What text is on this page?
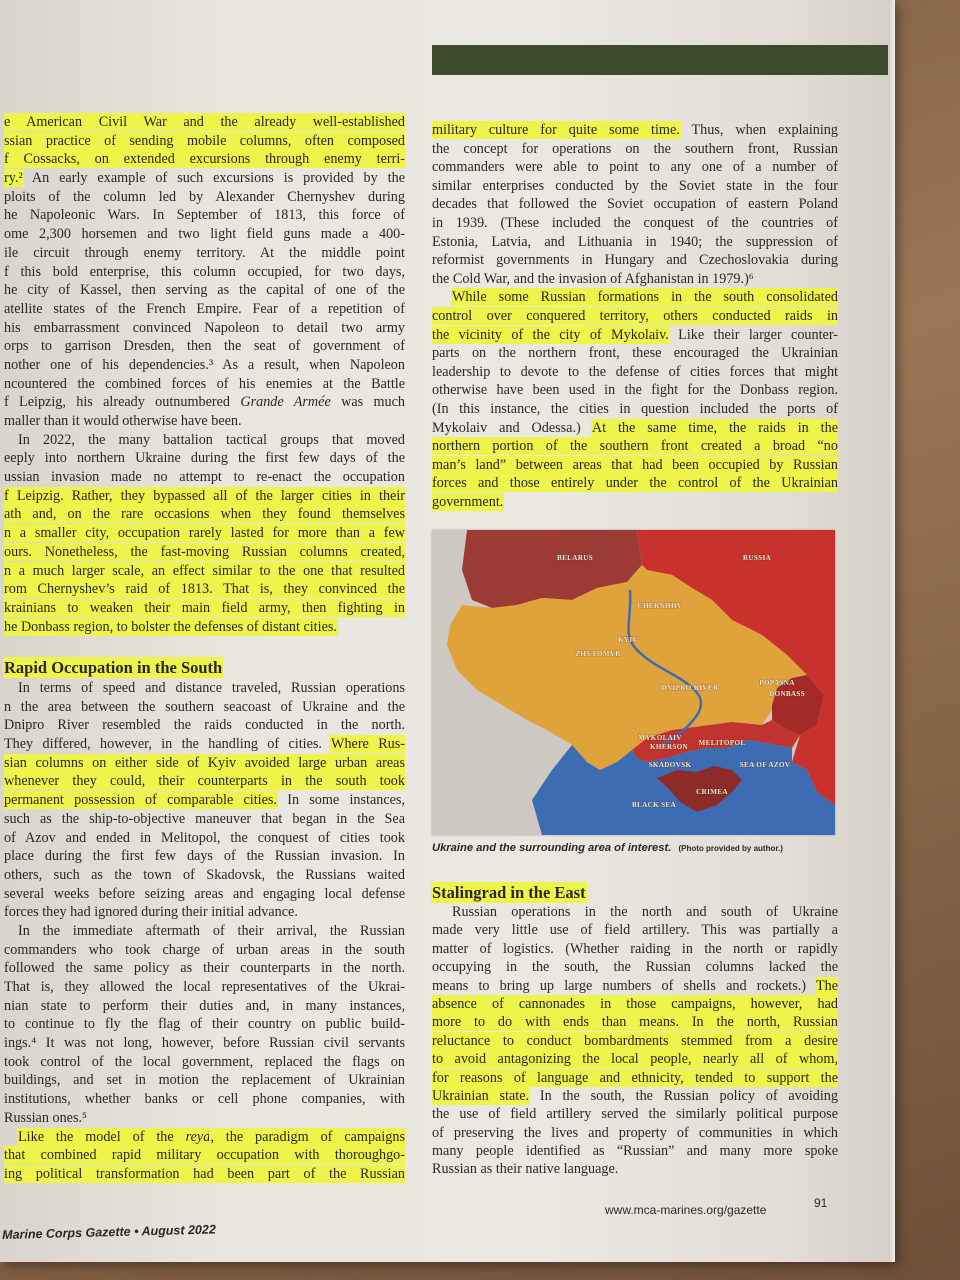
e American Civil War and the already well-established
ssian practice of sending mobile columns, often composed
f Cossacks, on extended excursions through enemy terri-
ry.² An early example of such excursions is provided by the
ploits of the column led by Alexander Chernyshev during
he Napoleonic Wars. In September of 1813, this force of
ome 2,300 horsemen and two light field guns made a 400-
ile circuit through enemy territory. At the middle point
f this bold enterprise, this column occupied, for two days,
he city of Kassel, then serving as the capital of one of the
atellite states of the French Empire. Fear of a repetition of
his embarrassment convinced Napoleon to detail two army
orps to garrison Dresden, then the seat of government of
nother one of his dependencies.³ As a result, when Napoleon
ncountered the combined forces of his enemies at the Battle
f Leipzig, his already outnumbered Grande Armée was much
maller than it would otherwise have been.
In 2022, the many battalion tactical groups that moved
eeply into northern Ukraine during the first few days of the
ussian invasion made no attempt to re-enact the occupation
f Leipzig. Rather, they bypassed all of the larger cities in their
ath and, on the rare occasions when they found themselves
n a smaller city, occupation rarely lasted for more than a few
ours. Nonetheless, the fast-moving Russian columns created,
n a much larger scale, an effect similar to the one that resulted
rom Chernyshev’s raid of 1813. That is, they convinced the
krainians to weaken their main field army, then fighting in
he Donbass region, to bolster the defenses of distant cities.
Rapid Occupation in the South
In terms of speed and distance traveled, Russian operations
n the area between the southern seacoast of Ukraine and the
Dnipro River resembled the raids conducted in the north.
They differed, however, in the handling of cities. Where Rus-
sian columns on either side of Kyiv avoided large urban areas
whenever they could, their counterparts in the south took
permanent possession of comparable cities. In some instances,
such as the ship-to-objective maneuver that began in the Sea
of Azov and ended in Melitopol, the conquest of cities took
place during the first few days of the Russian invasion. In
others, such as the town of Skadovsk, the Russians waited
several weeks before seizing areas and engaging local defense
forces they had ignored during their initial advance.
In the immediate aftermath of their arrival, the Russian
commanders who took charge of urban areas in the south
followed the same policy as their counterparts in the north.
That is, they allowed the local representatives of the Ukrai-
nian state to perform their duties and, in many instances,
to continue to fly the flag of their country on public build-
ings.⁴ It was not long, however, before Russian civil servants
took control of the local government, replaced the flags on
buildings, and set in motion the replacement of Ukrainian
institutions, whether banks or cell phone companies, with
Russian ones.⁵
Like the model of the reyd, the paradigm of campaigns
that combined rapid military occupation with thoroughgo-
ing political transformation had been part of the Russian
military culture for quite some time. Thus, when explaining
the concept for operations on the southern front, Russian
commanders were able to point to any one of a number of
similar enterprises conducted by the Soviet state in the four
decades that followed the Soviet occupation of eastern Poland
in 1939. (These included the conquest of the countries of
Estonia, Latvia, and Lithuania in 1940; the suppression of
reformist governments in Hungary and Czechoslovakia during
the Cold War, and the invasion of Afghanistan in 1979.)⁶
While some Russian formations in the south consolidated
control over conquered territory, others conducted raids in
the vicinity of the city of Mykolaiv. Like their larger counter-
parts on the northern front, these encouraged the Ukrainian
leadership to devote to the defense of cities forces that might
otherwise have been used in the fight for the Donbass region.
(In this instance, the cities in question included the ports of
Mykolaiv and Odessa.) At the same time, the raids in the
northern portion of the southern front created a broad “no
man’s land” between areas that had been occupied by Russian
forces and those entirely under the control of the Ukrainian
government.
BELARUS	RUSSIA
CHERNIHIV
KYIV
ZHYTOMYR
DNIPRO RIVER
POPASNA
DONBASS
MYKOLAIV
KHERSON MELITOPOL
SKADOVSK	SEA OF AZOV
CRIMEA
BLACK SEA
Ukraine and the surrounding area of interest. (Photo provided by author.)
Stalingrad in the East
Russian operations in the north and south of Ukraine
made very little use of field artillery. This was partially a
matter of logistics. (Whether raiding in the north or rapidly
occupying in the south, the Russian columns lacked the
means to bring up large numbers of shells and rockets.) The
absence of cannonades in those campaigns, however, had
more to do with ends than means. In the north, Russian
reluctance to conduct bombardments stemmed from a desire
to avoid antagonizing the local people, nearly all of whom,
for reasons of language and ethnicity, tended to support the
Ukrainian state. In the south, the Russian policy of avoiding
the use of field artillery served the similarly political purpose
of preserving the lives and property of communities in which
many people identified as “Russian” and many more spoke
Russian as their native language.
www.mca-marines.org/gazette	91
Marine Corps Gazette • August 2022
